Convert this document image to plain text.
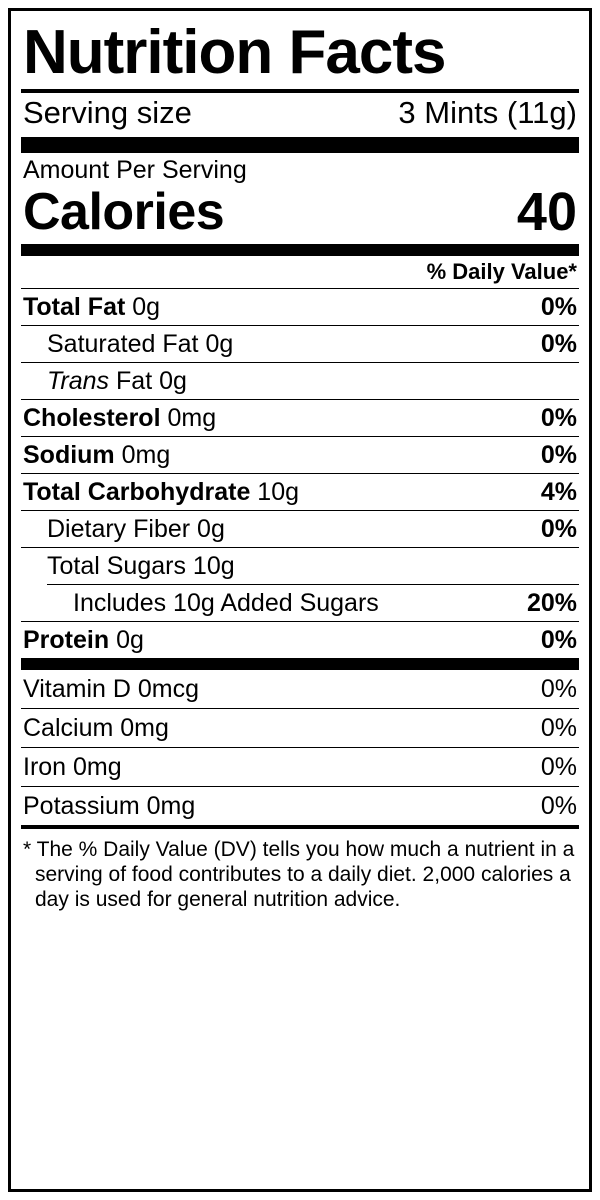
Nutrition Facts
Serving size	3 Mints (11g)
Amount Per Serving
Calories	40
% Daily Value*
Total Fat 0g	0%
Saturated Fat 0g	0%
Trans Fat 0g
Cholesterol 0mg	0%
Sodium 0mg	0%
Total Carbohydrate 10g	4%
Dietary Fiber 0g	0%
Total Sugars 10g
Includes 10g Added Sugars	20%
Protein 0g	0%
Vitamin D 0mcg	0%
Calcium 0mg	0%
Iron 0mg	0%
Potassium 0mg	0%
* The % Daily Value (DV) tells you how much a nutrient in a
serving of food contributes to a daily diet. 2,000 calories a
day is used for general nutrition advice.
